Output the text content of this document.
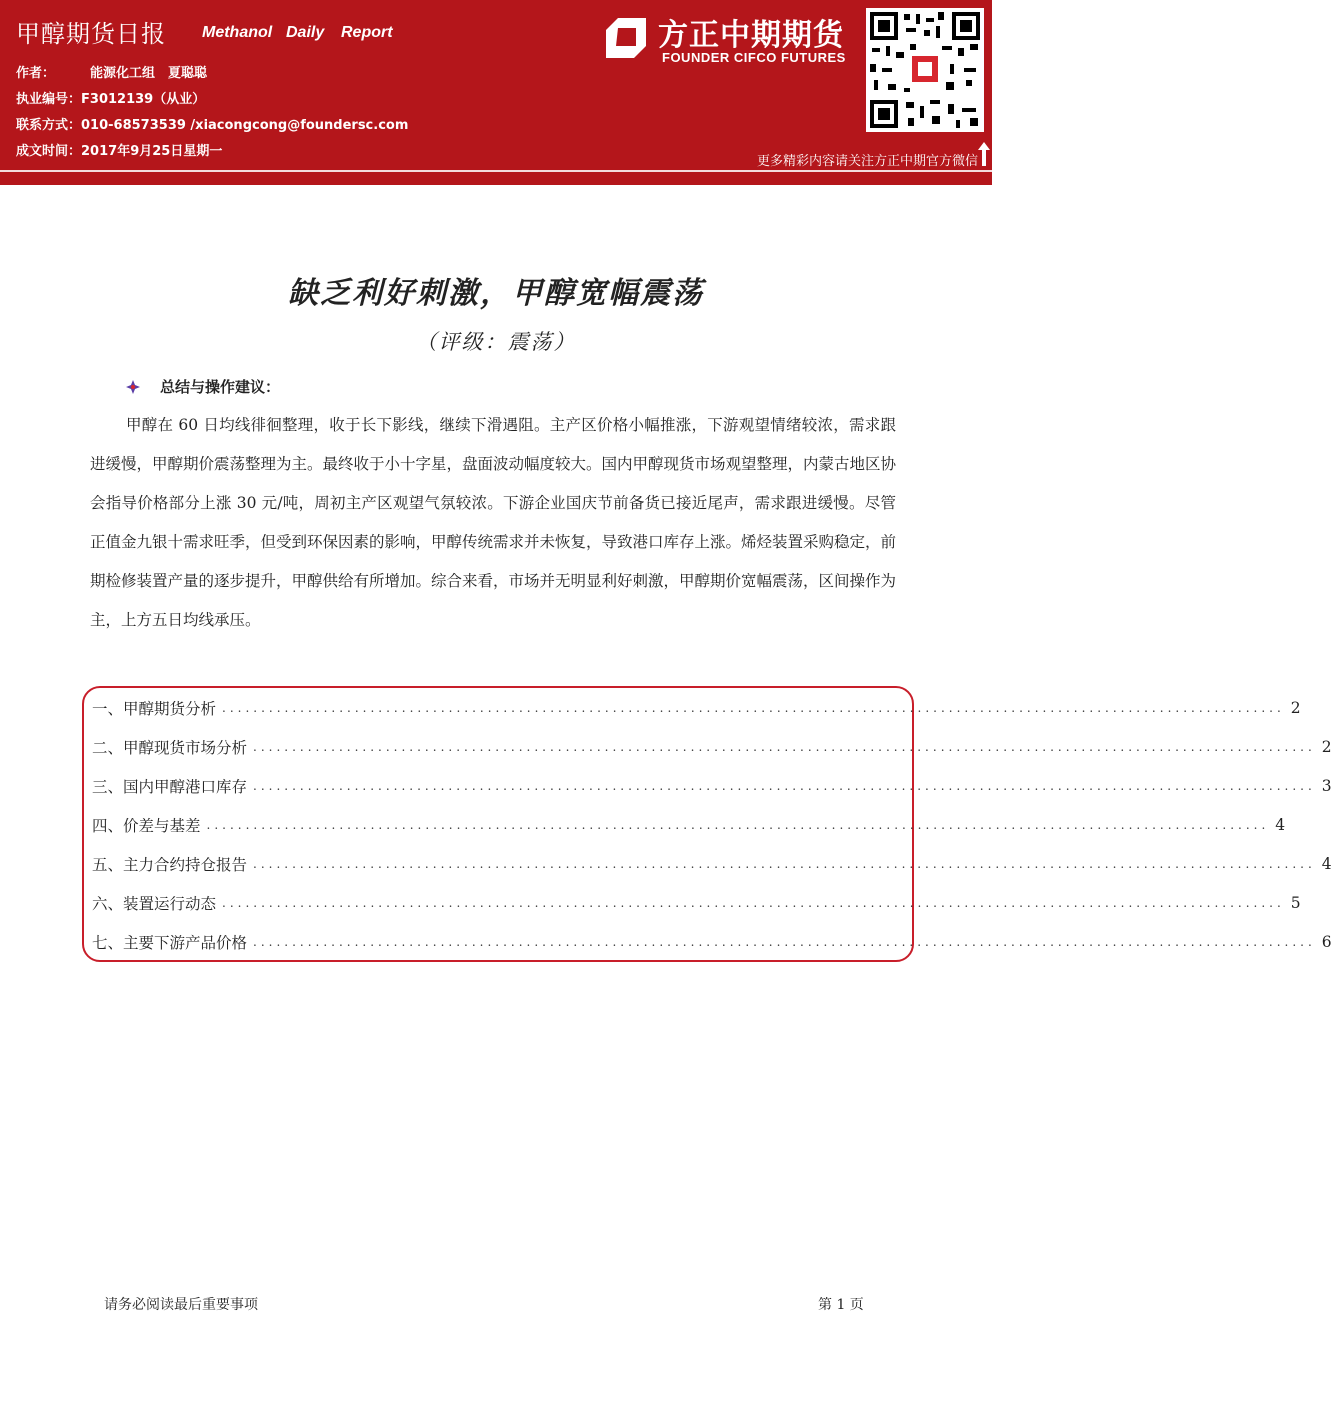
甲醇期货日报 Methanol Daily Report
作者：	能源化工组　夏聪聪
执业编号：F3012139（从业）
联系方式：010-68573539 /xiacongcong@foundersc.com
成文时间：2017年9月25日星期一
方正中期期货
FOUNDER CIFCO FUTURES
更多精彩内容请关注方正中期官方微信
缺乏利好刺激，甲醇宽幅震荡
（评级：震荡）
总结与操作建议：
甲醇在 60 日均线徘徊整理，收于长下影线，继续下滑遇阻。主产区价格小幅推涨，下游观望情绪较浓，需求跟进缓慢，甲醇期价震荡整理为主。最终收于小十字星，盘面波动幅度较大。国内甲醇现货市场观望整理，内蒙古地区协会指导价格部分上涨 30 元/吨，周初主产区观望气氛较浓。下游企业国庆节前备货已接近尾声，需求跟进缓慢。尽管正值金九银十需求旺季，但受到环保因素的影响，甲醇传统需求并未恢复，导致港口库存上涨。烯烃装置采购稳定，前期检修装置产量的逐步提升，甲醇供给有所增加。综合来看，市场并无明显利好刺激，甲醇期价宽幅震荡，区间操作为主，上方五日均线承压。
一、甲醇期货分析 ........................................................................................................................................ 2
二、甲醇现货市场分析 ........................................................................................................................................ 2
三、国内甲醇港口库存 ........................................................................................................................................ 3
四、价差与基差 ........................................................................................................................................ 4
五、主力合约持仓报告 ........................................................................................................................................ 4
六、装置运行动态 ........................................................................................................................................ 5
七、主要下游产品价格 ........................................................................................................................................ 6
请务必阅读最后重要事项	第 1 页
